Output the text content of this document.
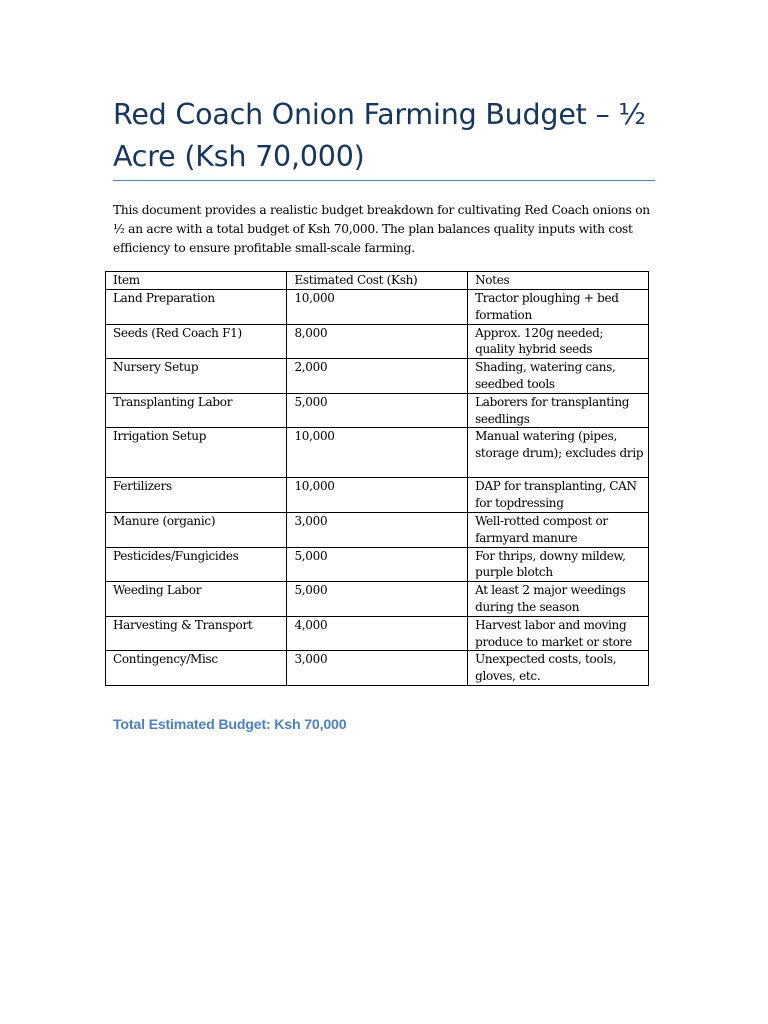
Red Coach Onion Farming Budget – ½ Acre (Ksh 70,000)

This document provides a realistic budget breakdown for cultivating Red Coach onions on ½ an acre with a total budget of Ksh 70,000. The plan balances quality inputs with cost efficiency to ensure profitable small-scale farming.

Item	Estimated Cost (Ksh)	Notes
Land Preparation	10,000	Tractor ploughing + bed formation
Seeds (Red Coach F1)	8,000	Approx. 120g needed; quality hybrid seeds
Nursery Setup	2,000	Shading, watering cans, seedbed tools
Transplanting Labor	5,000	Laborers for transplanting seedlings
Irrigation Setup	10,000	Manual watering (pipes, storage drum); excludes drip
Fertilizers	10,000	DAP for transplanting, CAN for topdressing
Manure (organic)	3,000	Well-rotted compost or farmyard manure
Pesticides/Fungicides	5,000	For thrips, downy mildew, purple blotch
Weeding Labor	5,000	At least 2 major weedings during the season
Harvesting & Transport	4,000	Harvest labor and moving produce to market or store
Contingency/Misc	3,000	Unexpected costs, tools, gloves, etc.

Total Estimated Budget: Ksh 70,000
